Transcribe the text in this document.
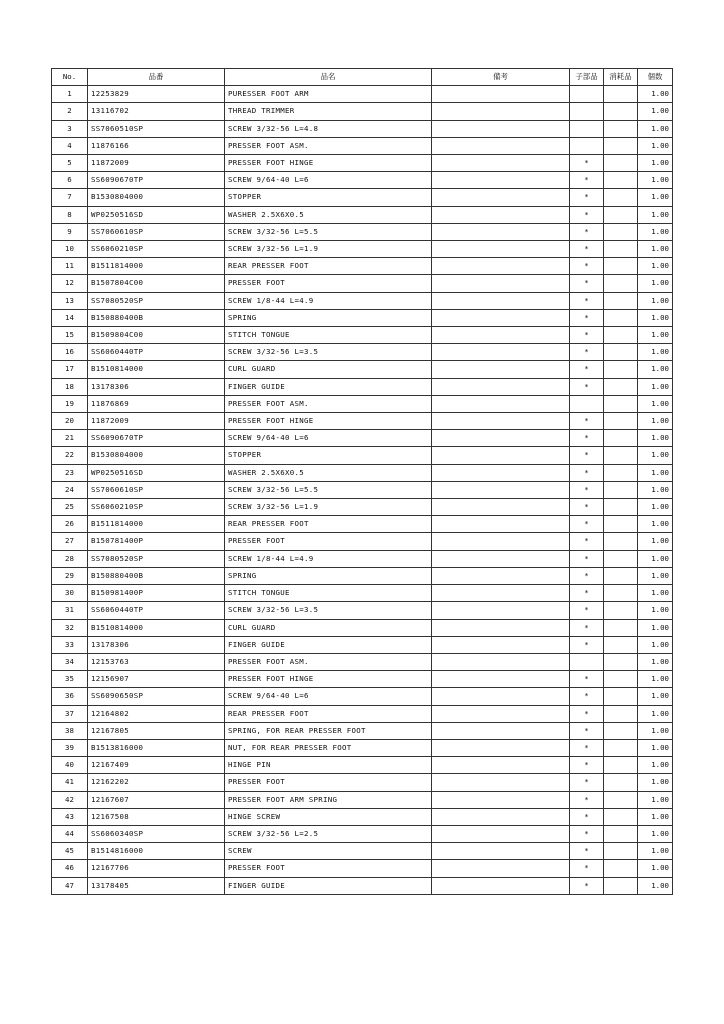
No.	品番	品名	備考	子部品	消耗品	個数
1	12253829	PURESSER FOOT ARM				1.00
2	13116702	THREAD TRIMMER				1.00
3	SS7060510SP	SCREW 3/32-56 L=4.8				1.00
4	11876166	PRESSER FOOT ASM.				1.00
5	11872009	PRESSER FOOT HINGE		*		1.00
6	SS6090670TP	SCREW 9/64-40 L=6		*		1.00
7	B1530804000	STOPPER		*		1.00
8	WP0250516SD	WASHER 2.5X6X0.5		*		1.00
9	SS7060610SP	SCREW 3/32-56 L=5.5		*		1.00
10	SS6060210SP	SCREW 3/32-56 L=1.9		*		1.00
11	B1511814000	REAR PRESSER FOOT		*		1.00
12	B1507804C00	PRESSER FOOT		*		1.00
13	SS7080520SP	SCREW 1/8-44 L=4.9		*		1.00
14	B150880400B	SPRING		*		1.00
15	B1509804C00	STITCH TONGUE		*		1.00
16	SS6060440TP	SCREW 3/32-56 L=3.5		*		1.00
17	B1510814000	CURL GUARD		*		1.00
18	13178306	FINGER GUIDE		*		1.00
19	11876869	PRESSER FOOT ASM.				1.00
20	11872009	PRESSER FOOT HINGE		*		1.00
21	SS6090670TP	SCREW 9/64-40 L=6		*		1.00
22	B1530804000	STOPPER		*		1.00
23	WP0250516SD	WASHER 2.5X6X0.5		*		1.00
24	SS7060610SP	SCREW 3/32-56 L=5.5		*		1.00
25	SS6060210SP	SCREW 3/32-56 L=1.9		*		1.00
26	B1511814000	REAR PRESSER FOOT		*		1.00
27	B150781400P	PRESSER FOOT		*		1.00
28	SS7080520SP	SCREW 1/8-44 L=4.9		*		1.00
29	B150880400B	SPRING		*		1.00
30	B150981400P	STITCH TONGUE		*		1.00
31	SS6060440TP	SCREW 3/32-56 L=3.5		*		1.00
32	B1510814000	CURL GUARD		*		1.00
33	13178306	FINGER GUIDE		*		1.00
34	12153763	PRESSER FOOT ASM.				1.00
35	12156907	PRESSER FOOT HINGE		*		1.00
36	SS6090650SP	SCREW 9/64-40 L=6		*		1.00
37	12164802	REAR PRESSER FOOT		*		1.00
38	12167805	SPRING, FOR REAR PRESSER FOOT		*		1.00
39	B1513816000	NUT, FOR REAR PRESSER FOOT		*		1.00
40	12167409	HINGE PIN		*		1.00
41	12162202	PRESSER FOOT		*		1.00
42	12167607	PRESSER FOOT ARM SPRING		*		1.00
43	12167508	HINGE SCREW		*		1.00
44	SS6060340SP	SCREW 3/32-56 L=2.5		*		1.00
45	B1514816000	SCREW		*		1.00
46	12167706	PRESSER FOOT		*		1.00
47	13178405	FINGER GUIDE		*		1.00
